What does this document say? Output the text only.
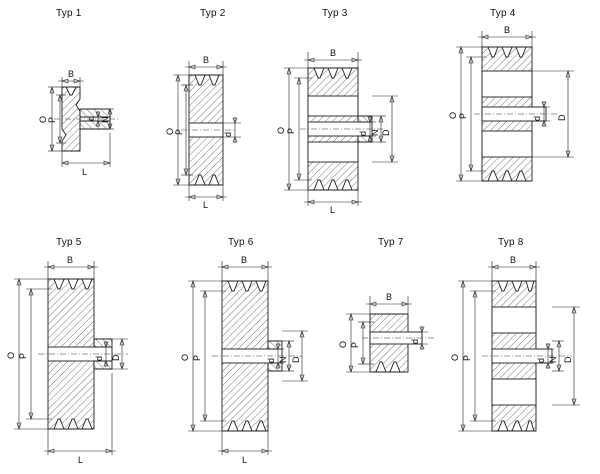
Typ 1
B
O P	d N
L
Typ 2
B
O P	d
L
Typ 3
B
O P	d N D
L
Typ 4
B
O P	d D
Typ 5
B
O P	d D
L
Typ 6
B
O P	d N D
L
Typ 7
B
O P
d
Typ 8
B
O P	d N D
